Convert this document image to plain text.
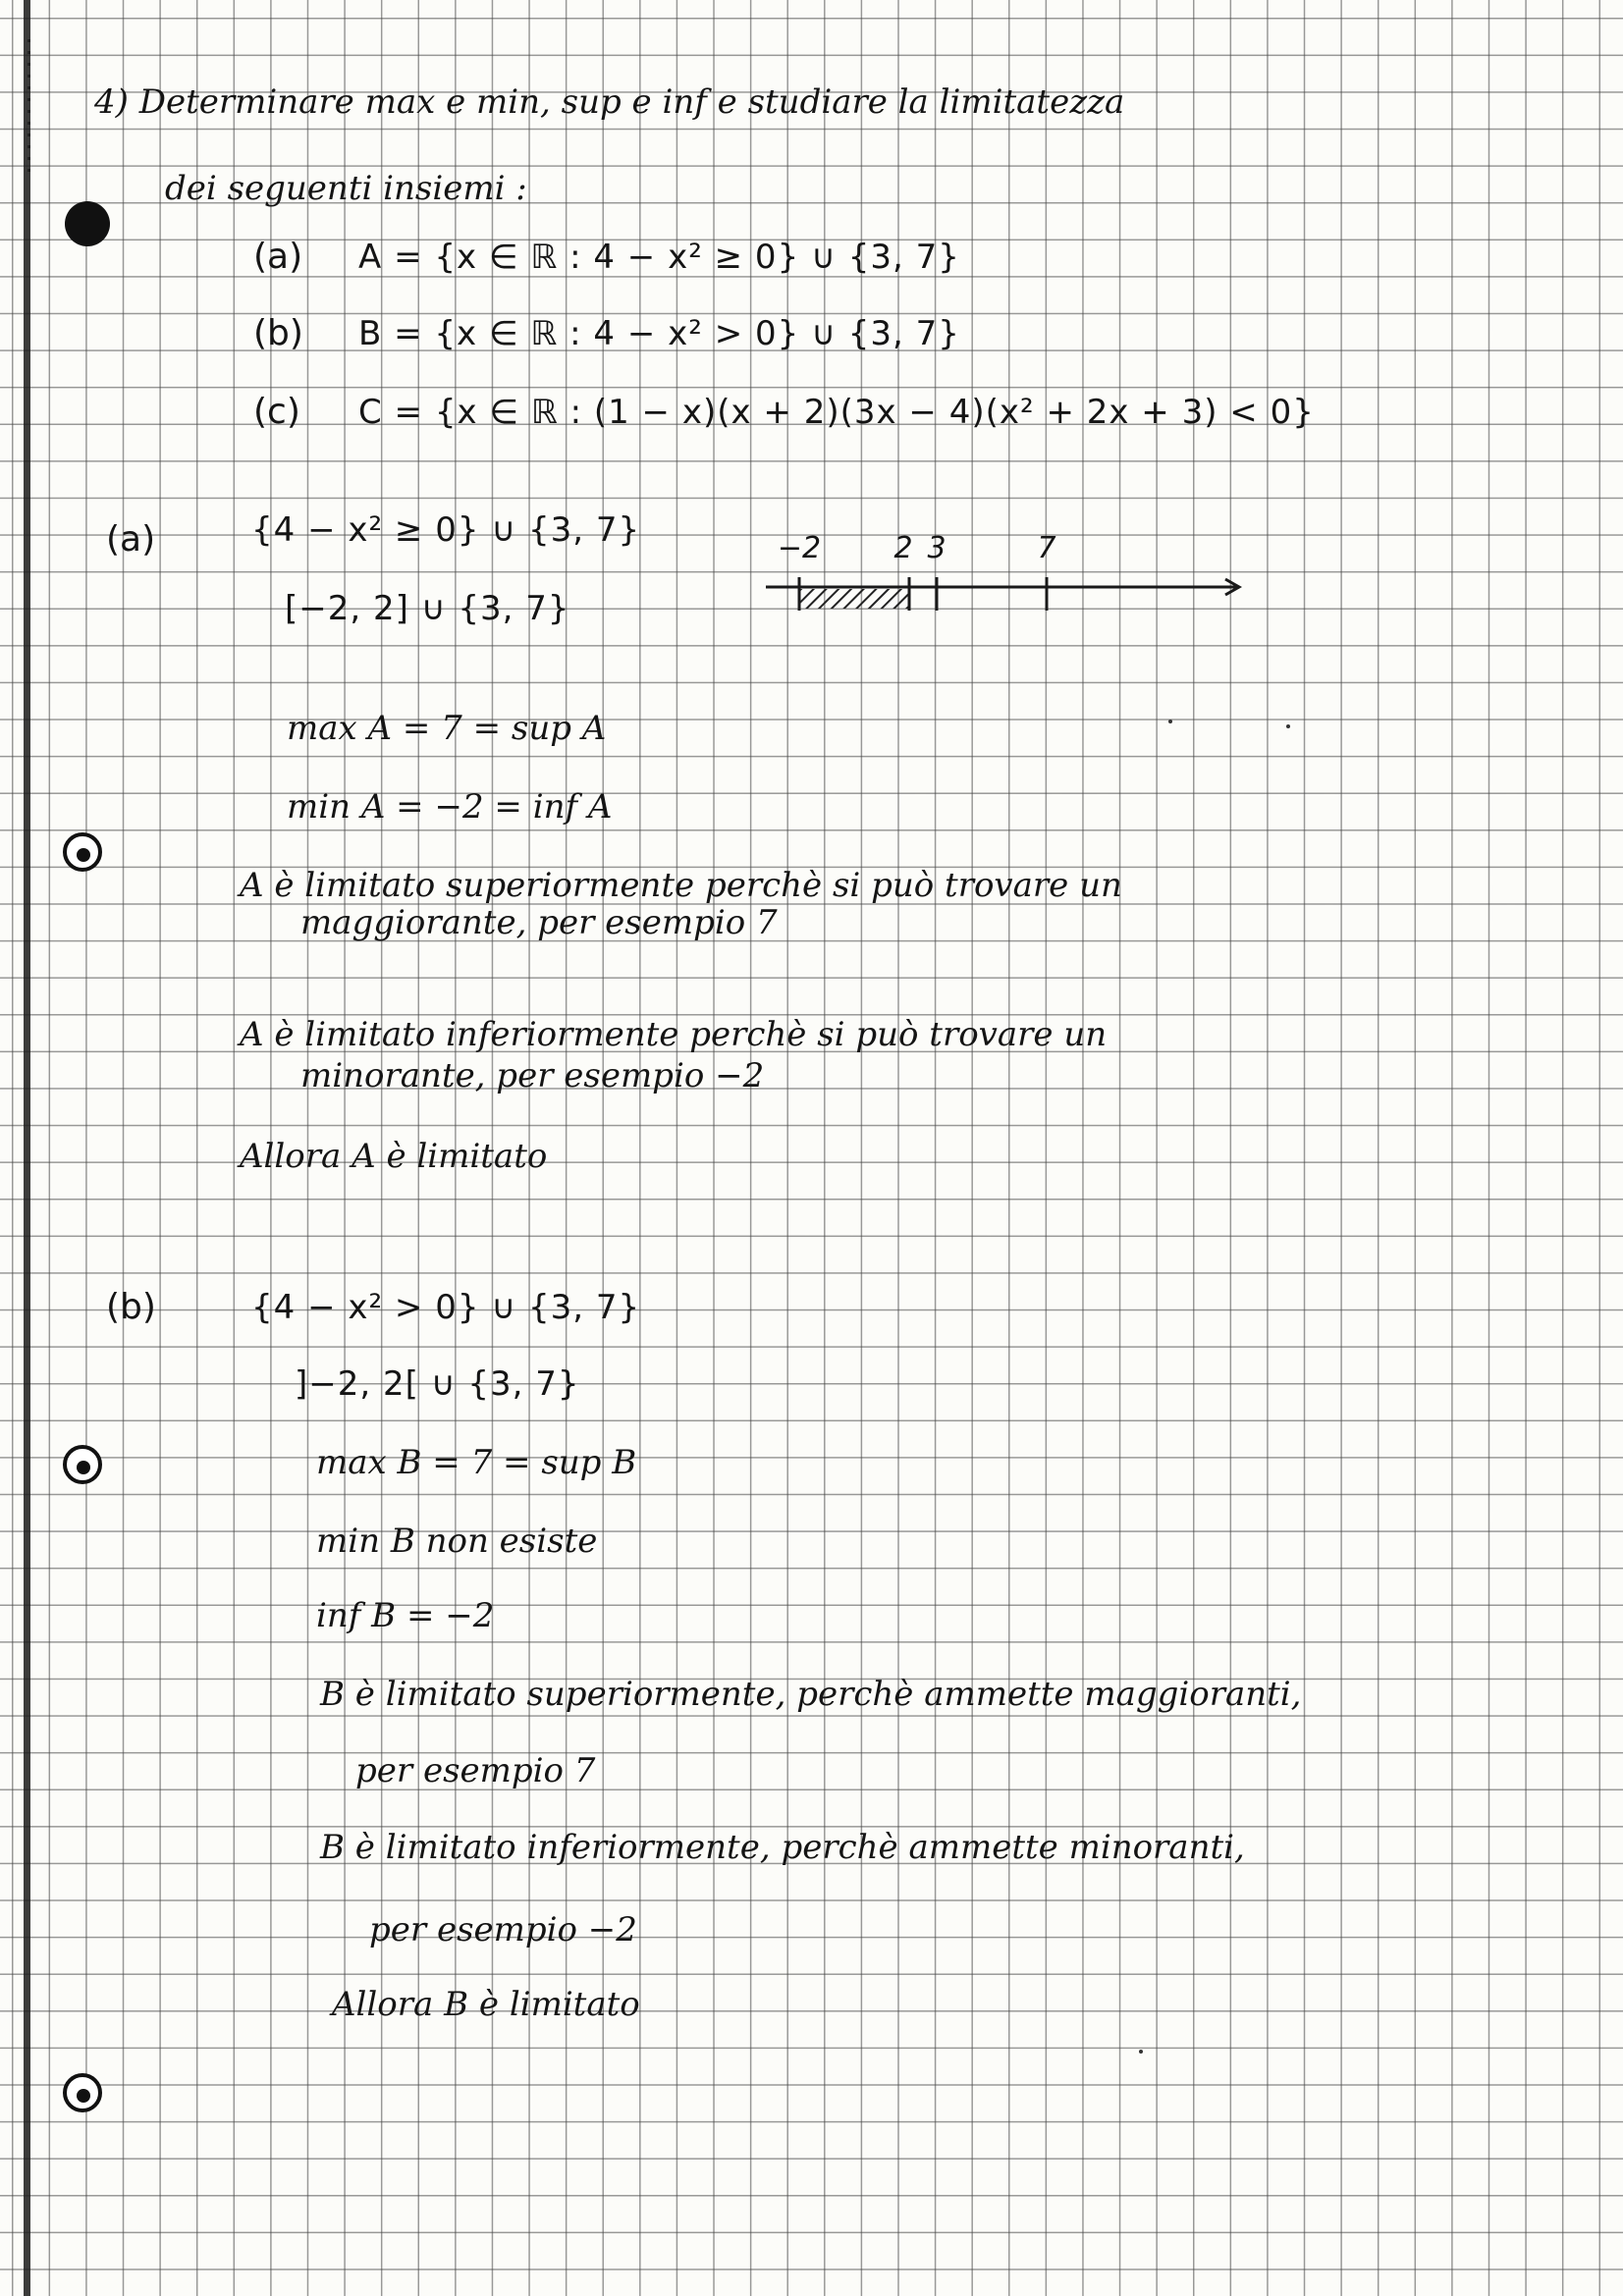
4) Determinare max e min, sup e inf e studiare la limitatezza
dei seguenti insiemi :
(a) A = {x ∈ ℝ : 4 − x² ≥ 0} ∪ {3, 7}
(b) B = {x ∈ ℝ : 4 − x² > 0} ∪ {3, 7}
(c) C = {x ∈ ℝ : (1 − x)(x + 2)(3x − 4)(x² + 2x + 3) < 0}
(a)	{4 − x² ≥ 0} ∪ {3, 7}
[−2, 2] ∪ {3, 7}
−2 2 3	7
max A = 7 = sup A
min A = −2 = inf A
A è limitato superiormente perchè si può trovare un
maggiorante, per esempio 7
A è limitato inferiormente perchè si può trovare un
minorante, per esempio −2
Allora A è limitato
(b)	{4 − x² > 0} ∪ {3, 7}
]−2, 2[ ∪ {3, 7}
max B = 7 = sup B
min B non esiste
inf B = −2
B è limitato superiormente, perchè ammette maggioranti,
per esempio 7
B è limitato inferiormente, perchè ammette minoranti,
per esempio −2
Allora B è limitato
